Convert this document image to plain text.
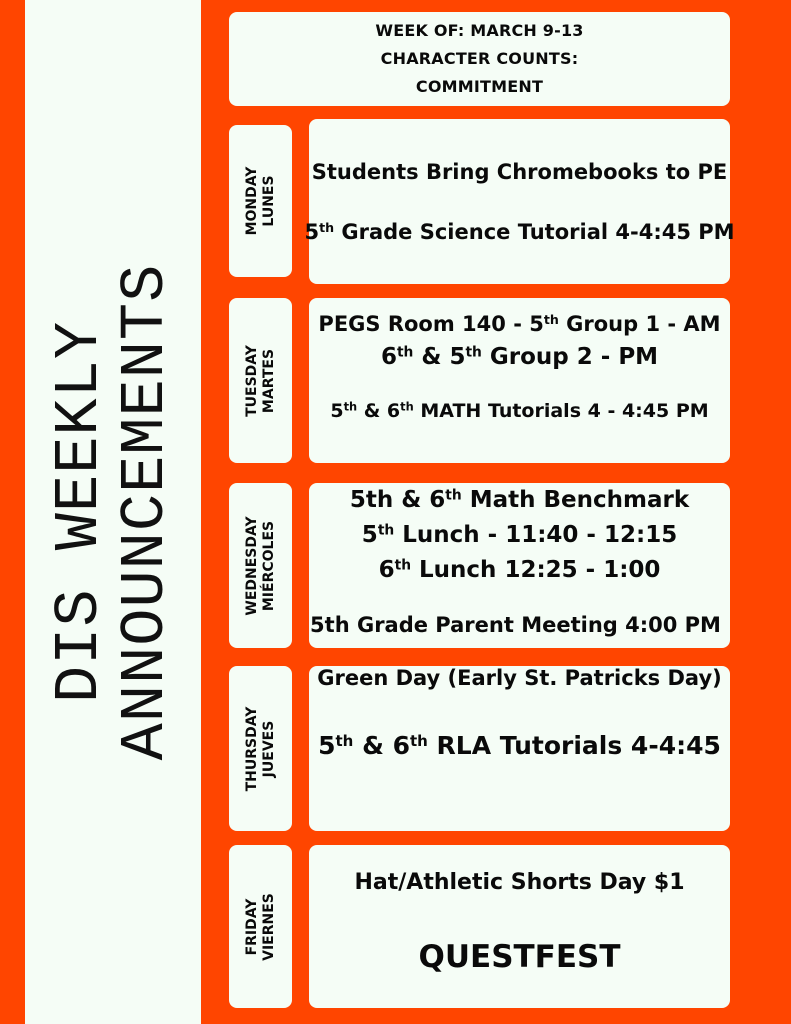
DIS WEEKLY
ANNOUNCEMENTS
WEEK OF: MARCH 9-13
CHARACTER COUNTS:
COMMITMENT
MONDAY LUNES
Students Bring Chromebooks to PE
5th Grade Science Tutorial 4-4:45 PM
TUESDAY MARTES
PEGS Room 140 - 5th Group 1 - AM
6th & 5th Group 2 - PM
5th & 6th MATH Tutorials 4 - 4:45 PM
WEDNESDAY MIÉRCOLES
5th & 6th Math Benchmark
5th Lunch - 11:40 - 12:15
6th Lunch 12:25 - 1:00
5th Grade Parent Meeting 4:00 PM
THURSDAY JUEVES
Green Day (Early St. Patricks Day)
5th & 6th RLA Tutorials 4-4:45
FRIDAY VIERNES
Hat/Athletic Shorts Day $1
QUESTFEST
